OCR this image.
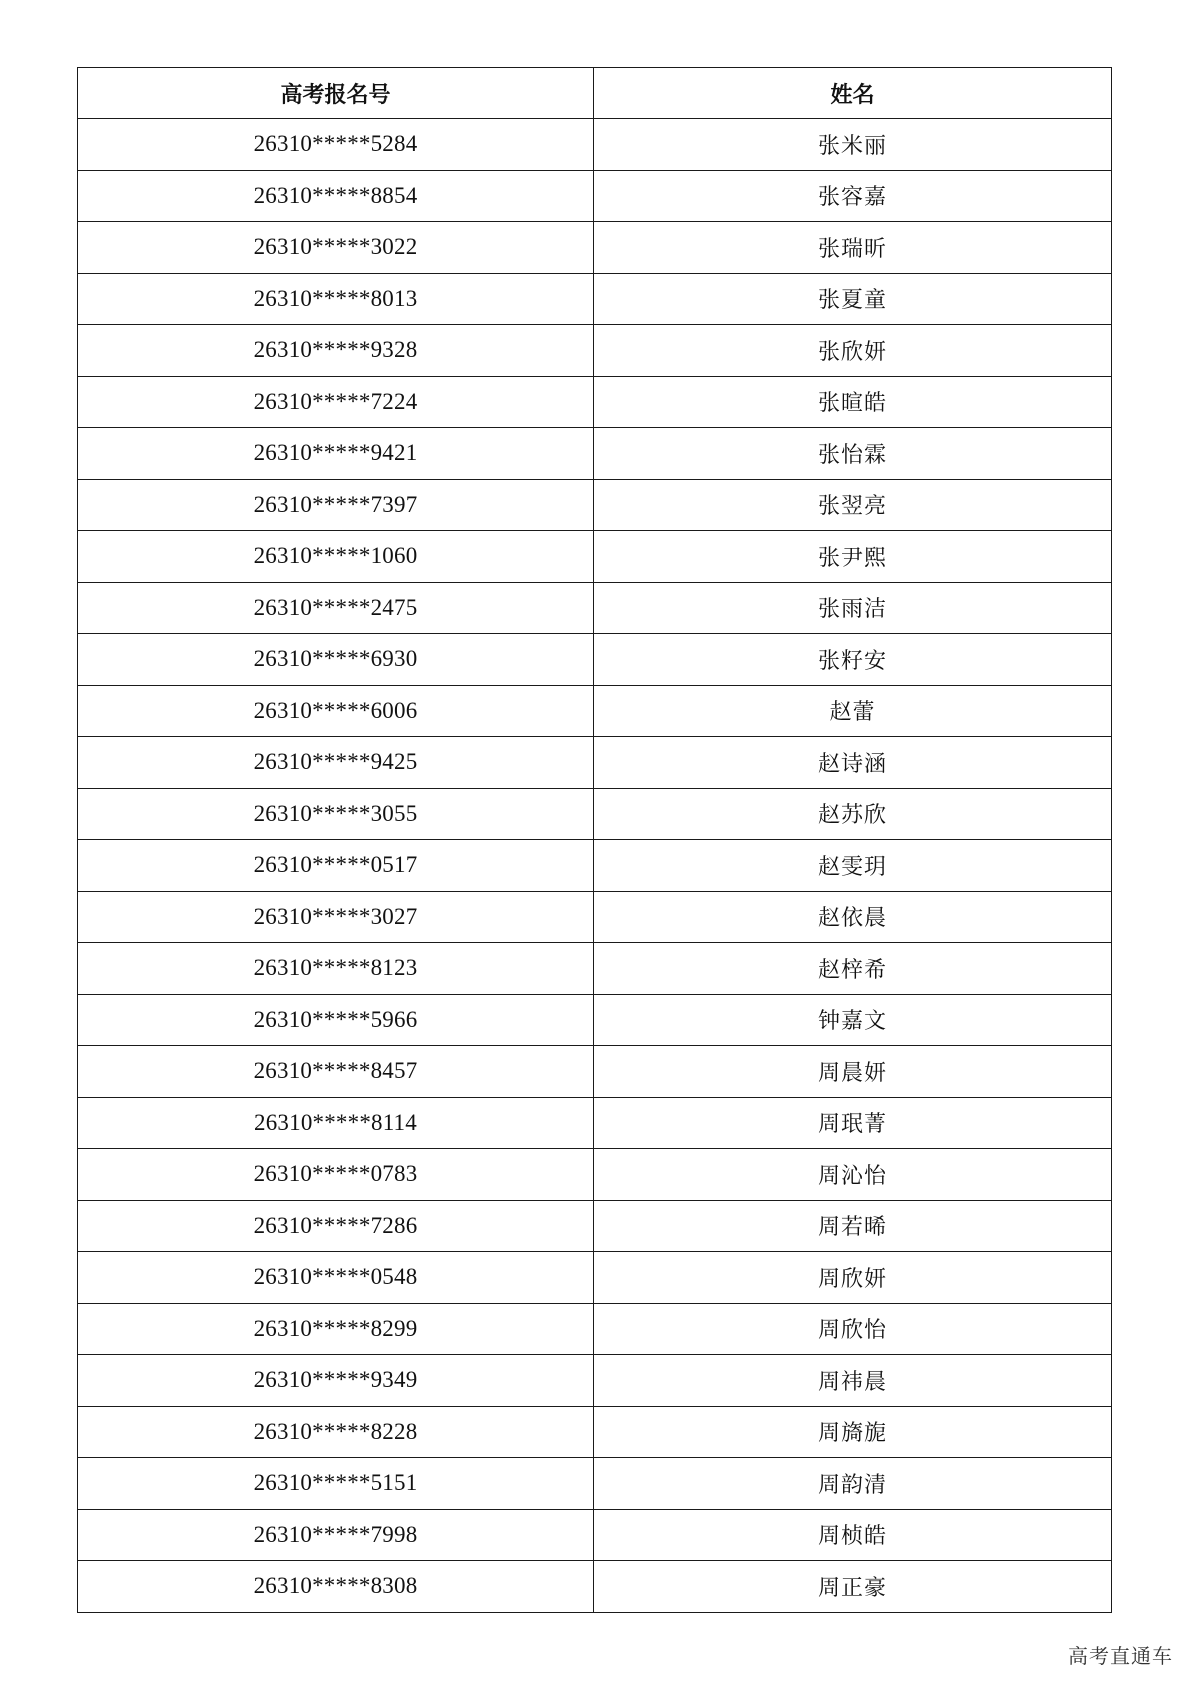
高考报名号	姓名
26310*****5284	张米丽
26310*****8854	张容嘉
26310*****3022	张瑞昕
26310*****8013	张夏童
26310*****9328	张欣妍
26310*****7224	张暄皓
26310*****9421	张怡霖
26310*****7397	张翌亮
26310*****1060	张尹熙
26310*****2475	张雨洁
26310*****6930	张籽安
26310*****6006	赵蕾
26310*****9425	赵诗涵
26310*****3055	赵苏欣
26310*****0517	赵雯玥
26310*****3027	赵依晨
26310*****8123	赵梓希
26310*****5966	钟嘉文
26310*****8457	周晨妍
26310*****8114	周珉菁
26310*****0783	周沁怡
26310*****7286	周若晞
26310*****0548	周欣妍
26310*****8299	周欣怡
26310*****9349	周祎晨
26310*****8228	周旖旎
26310*****5151	周韵清
26310*****7998	周桢皓
26310*****8308	周正豪
高考直通车
